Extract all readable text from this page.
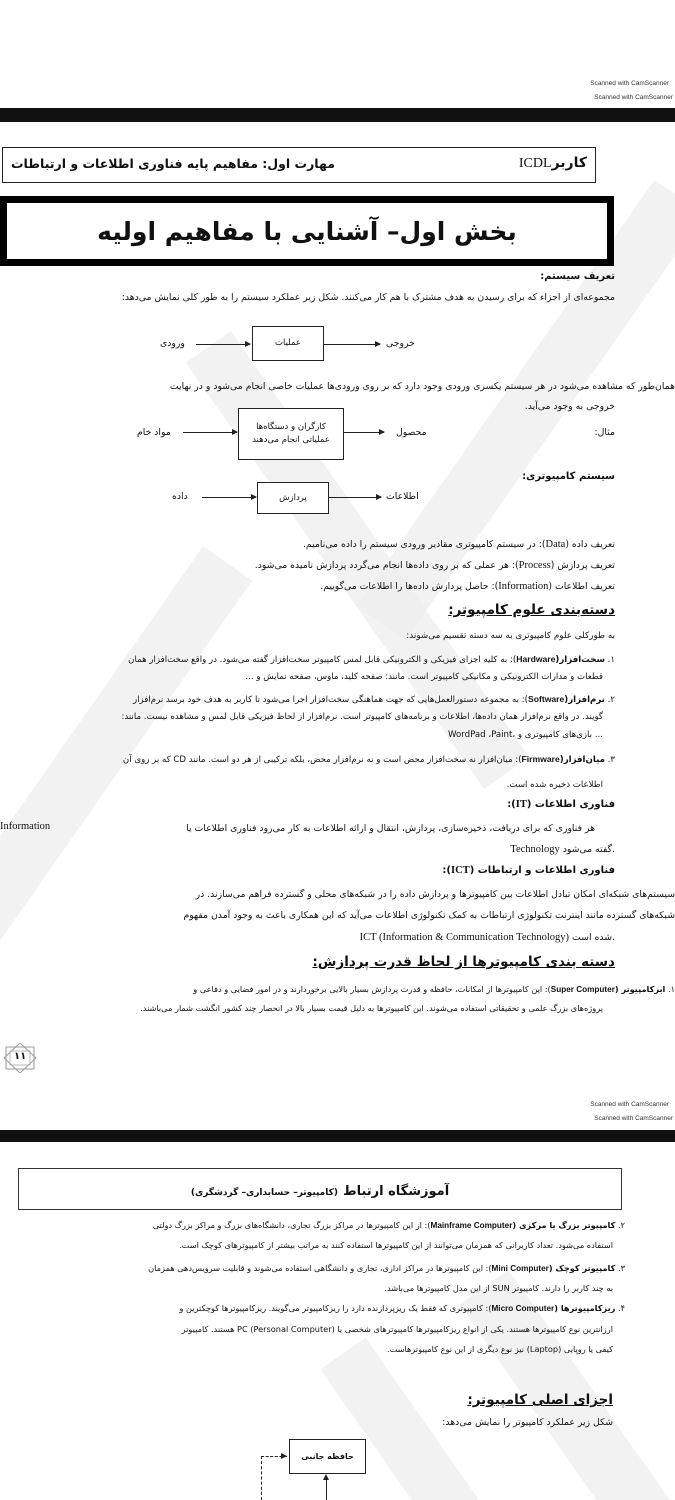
Scanned with CamScanner
Scanned with CamScanner
مهارت اول: مفاهیم پایه فناوری اطلاعات و ارتباطات	کاربرICDL
بخش اول– آشنایی با مفاهیم اولیه
تعریف سیستم:
مجموعه‌ای از اجزاء که برای رسیدن به هدف مشترک با هم کار می‌کنند. شکل زیر عملکرد سیستم را به طور کلی نمایش می‌دهد:
ورودی	عملیات	خروجی
همان‌طور که مشاهده می‌شود در هر سیستم یکسری ورودی وجود دارد که بر روی ورودی‌ها عملیات خاصی انجام می‌شود و در نهایت
خروجی به وجود می‌آید.
مثال:
مواد خام	کارگران و دستگاه‌ها
عملیاتی انجام می‌دهند
محصول
سیستم کامپیوتری:
داده	پردازش	اطلاعات
تعریف داده (Data): در سیستم کامپیوتری مقادیر ورودی سیستم را داده می‌نامیم.
تعریف پردازش (Process): هر عملی که بر روی داده‌ها انجام می‌گردد پردازش نامیده می‌شود.
تعریف اطلاعات (Information): حاصل پردازش داده‌ها را اطلاعات می‌گوییم.
دسته‌بندی علوم کامپیوتر:
به طورکلی علوم کامپیوتری به سه دسته تقسیم می‌شوند:
۱. سخت‌افزار(Hardware): به کلیه اجزای فیزیکی و الکترونیکی قابل لمس کامپیوتر سخت‌افزار گفته می‌شود. در واقع سخت‌افزار همان
قطعات و مدارات الکترونیکی و مکانیکی کامپیوتر است. مانند: صفحه کلید، ماوس، صفحه نمایش و ...
۲. نرم‌افزار(Software): به مجموعه دستورالعمل‌هایی که جهت هماهنگی سخت‌افزار اجرا می‌شود تا کاربر به هدف خود برسد نرم‌افزار
گویند. در واقع نرم‌افزار همان داده‌ها، اطلاعات و برنامه‌های کامپیوتر است. نرم‌افزار از لحاظ فیزیکی قابل لمس و مشاهده نیست. مانند:
WordPad ،Paint، بازی‌های کامپیوتری و ...
۳. میان‌افزار(Firmware): میان‌افزار نه سخت‌افزار محض است و نه نرم‌افزار محض، بلکه ترکیبی از هر دو است. مانند CD که بر روی آن
اطلاعات ذخیره شده است.
فناوری اطلاعات (IT):
هر فناوری که برای دریافت، ذخیره‌سازی، پردازش، انتقال و ارائه اطلاعات به کار می‌رود فناوری اطلاعات یا
Information
Technology گفته می‌شود.
فناوری اطلاعات و ارتباطات (ICT):
سیستم‌های شبکه‌ای امکان تبادل اطلاعات بین کامپیوترها و پردازش داده را در شبکه‌های محلی و گسترده فراهم می‌سازند. در
شبکه‌های گسترده مانند اینترنت تکنولوژی ارتباطات به کمک تکنولوژی اطلاعات می‌آید که این همکاری باعث به وجود آمدن مفهوم
ICT (Information & Communication Technology) شده است.
دسته بندی کامپیوترها از لحاظ قدرت پردازش:
۱. ابرکامپیوتر (Super Computer): این کامپیوترها از امکانات، حافظه و قدرت پردازش بسیار بالایی برخوردارند و در امور فضایی و دفاعی و
پروژه‌های بزرگ علمی و تحقیقاتی استفاده می‌شوند. این کامپیوترها به دلیل قیمت بسیار بالا در انحصار چند کشور انگشت شمار می‌باشند.
۱۱
Scanned with CamScanner
Scanned with CamScanner
آموزشگاه ارتباط (کامپیوتر– حسابداری– گردشگری)
۲. کامپیوتر بزرگ یا مرکزی (Mainframe Computer): از این کامپیوترها در مراکز بزرگ تجاری، دانشگاه‌های بزرگ و مراکز بزرگ دولتی
استفاده می‌شود. تعداد کاربرانی که همزمان می‌توانند از این کامپیوترها استفاده کنند به مراتب بیشتر از کامپیوترهای کوچک است.
۳. کامپیوتر کوچک (Mini Computer): این کامپیوترها در مراکز اداری، تجاری و دانشگاهی استفاده می‌شوند و قابلیت سرویس‌دهی همزمان
به چند کاربر را دارند. کامپیوتر SUN از این مدل کامپیوترها می‌باشد.
۴. ریزکامپیوترها (Micro Computer): کامپیوتری که فقط یک ریزپردازنده دارد را ریزکامپیوتر می‌گویند. ریزکامپیوترها کوچکترین و
ارزانترین نوع کامپیوترها هستند. یکی از انواع ریزکامپیوترها کامپیوترهای شخصی یا PC (Personal Computer) هستند. کامپیوتر
کیفی یا روپایی (Laptop) نیز نوع دیگری از این نوع کامپیوترهاست.
اجزای اصلی کامپیوتر:
شکل زیر عملکرد کامپیوتر را نمایش می‌دهد:
حافظه جانبی
